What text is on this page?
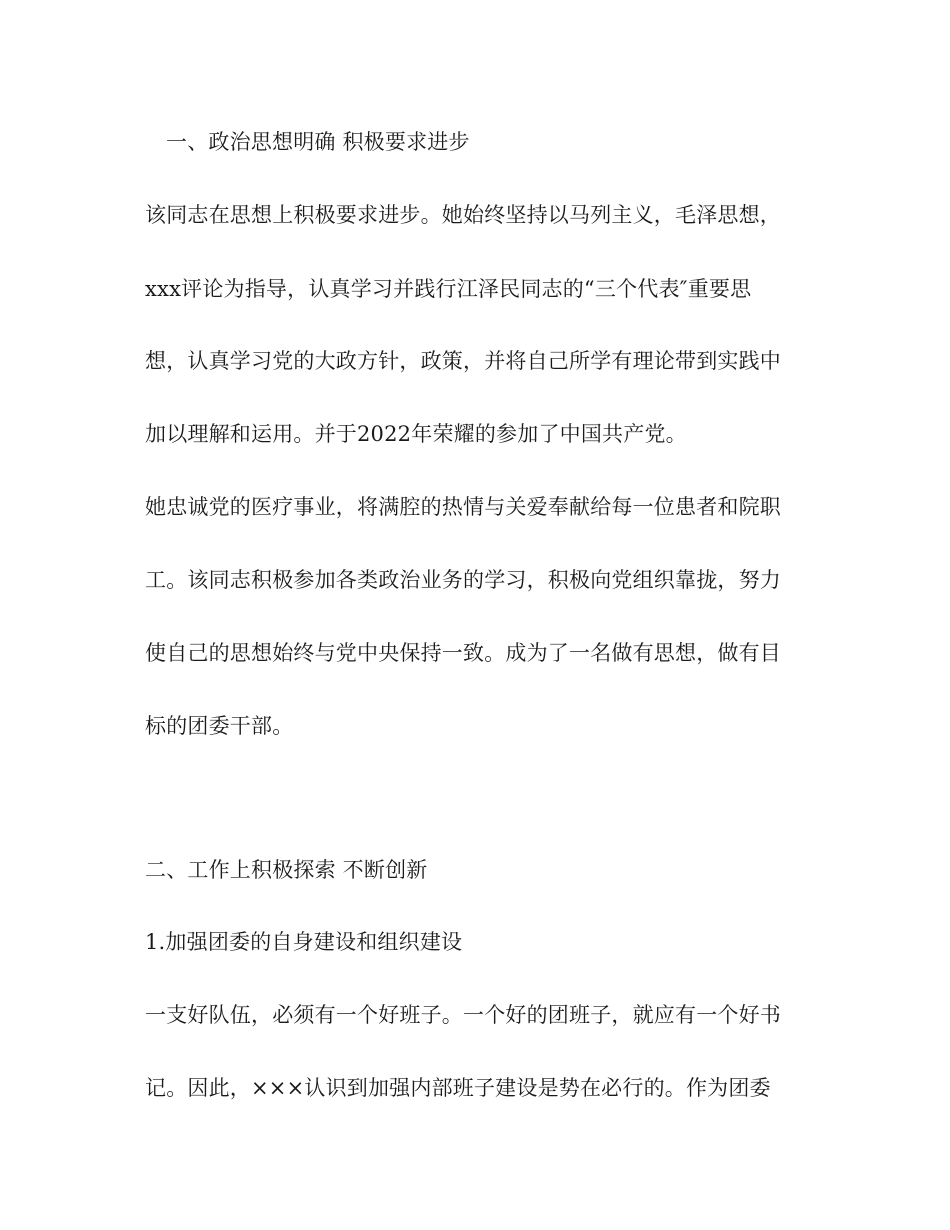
一、政治思想明确 积极要求进步
该同志在思想上积极要求进步。她始终坚持以马列主义，毛泽思想，
xxx评论为指导，认真学习并践行江泽民同志的“三个代表″重要思
想，认真学习党的大政方针，政策，并将自己所学有理论带到实践中
加以理解和运用。并于2022年荣耀的参加了中国共产党。
她忠诚党的医疗事业，将满腔的热情与关爱奉献给每一位患者和院职
工。该同志积极参加各类政治业务的学习，积极向党组织靠拢，努力
使自己的思想始终与党中央保持一致。成为了一名做有思想，做有目
标的团委干部。
二、工作上积极探索 不断创新
1.加强团委的自身建设和组织建设
一支好队伍，必须有一个好班子。一个好的团班子，就应有一个好书
记。因此，×××认识到加强内部班子建设是势在必行的。作为团委
